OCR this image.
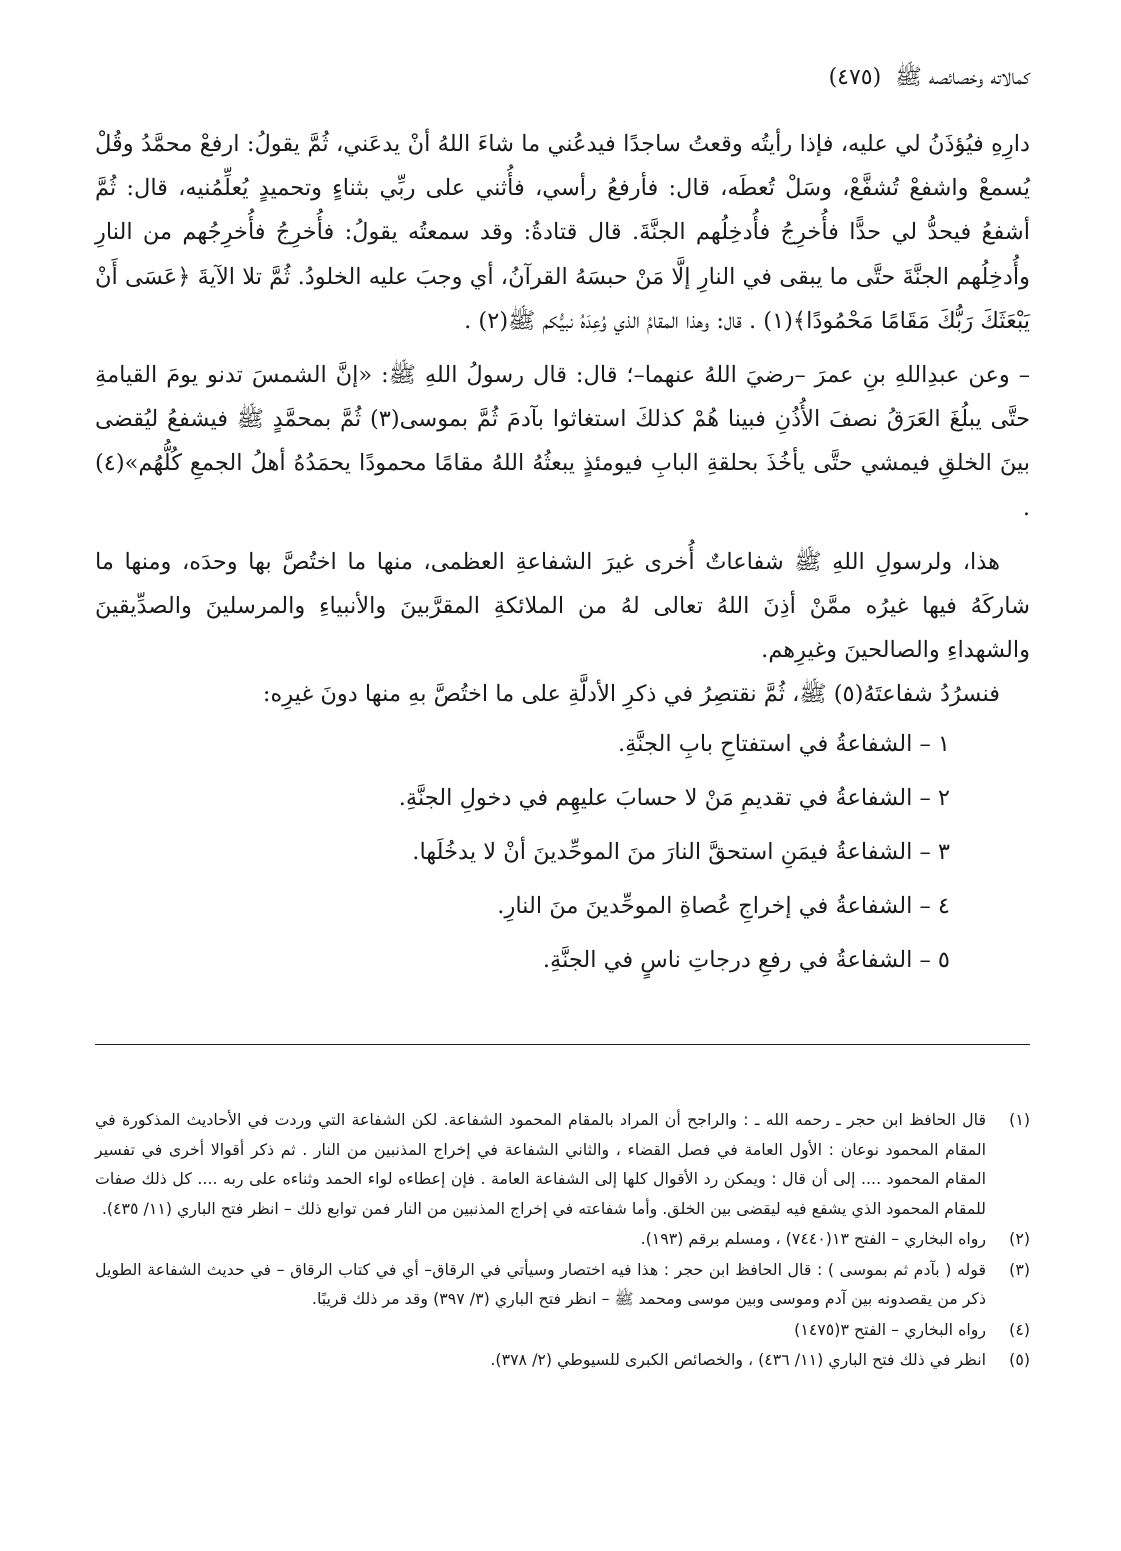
كمالاته وخصائصه ﷺ(٤٧٥)

دارِهِ فيُؤذَنُ لي عليه، فإذا رأيتُه وقعتُ ساجدًا فيدعُني ما شاءَ اللهُ أنْ يدعَني، ثُمَّ يقولُ: ارفعْ محمَّدُ وقُلْ يُسمعْ واشفعْ تُشفَّعْ، وسَلْ تُعطَه، قال: فأرفعُ رأسي، فأُثني على ربِّي بثناءٍ وتحميدٍ يُعلِّمُنيه، قال: ثُمَّ أشفعُ فيحدُّ لي حدًّا فأُخرِجُ فأُدخِلُهم الجنَّةَ. قال قتادةُ: وقد سمعتُه يقولُ: فأُخرِجُ فأُخرِجُهم من النارِ وأُدخِلُهم الجنَّةَ حتَّى ما يبقى في النارِ إلَّا مَنْ حبسَهُ القرآنُ، أي وجبَ عليه الخلودُ. ثُمَّ تلا الآيةَ ﴿عَسَى أَنْ يَبْعَثَكَ رَبُّكَ مَقَامًا مَحْمُودًا﴾(١) . قال: وهذا المقامُ الذي وُعِدَهُ نبيُّكم ﷺ(٢) .

– وعن عبدِاللهِ بنِ عمرَ –رضيَ اللهُ عنهما–؛ قال: قال رسولُ اللهِ ﷺ: «إنَّ الشمسَ تدنو يومَ القيامةِ حتَّى يبلُغَ العَرَقُ نصفَ الأُذُنِ فبينا هُمْ كذلكَ استغاثوا بآدمَ ثُمَّ بموسى(٣) ثُمَّ بمحمَّدٍ ﷺ فيشفعُ ليُقضى بينَ الخلقِ فيمشي حتَّى يأخُذَ بحلقةِ البابِ فيومئذٍ يبعثُهُ اللهُ مقامًا محمودًا يحمَدُهُ أهلُ الجمعِ كُلُّهُم»(٤) .

هذا، ولرسولِ اللهِ ﷺ شفاعاتٌ أُخرى غيرَ الشفاعةِ العظمى، منها ما اختُصَّ بها وحدَه، ومنها ما شاركَهُ فيها غيرُه ممَّنْ أذِنَ اللهُ تعالى لهُ من الملائكةِ المقرَّبينَ والأنبياءِ والمرسلينَ والصدِّيقينَ والشهداءِ والصالحينَ وغيرِهم.

فنسرُدُ شفاعتَهُ(٥) ﷺ، ثُمَّ نقتصِرُ في ذكرِ الأدلَّةِ على ما اختُصَّ بهِ منها دونَ غيرِه:

١ – الشفاعةُ في استفتاحِ بابِ الجنَّةِ.
٢ – الشفاعةُ في تقديمِ مَنْ لا حسابَ عليهِم في دخولِ الجنَّةِ.
٣ – الشفاعةُ فيمَنِ استحقَّ النارَ منَ الموحِّدينَ أنْ لا يدخُلَها.
٤ – الشفاعةُ في إخراجِ عُصاةِ الموحِّدينَ منَ النارِ.
٥ – الشفاعةُ في رفعِ درجاتِ ناسٍ في الجنَّةِ.

(١)قال الحافظ ابن حجر ـ رحمه الله ـ : والراجح أن المراد بالمقام المحمود الشفاعة. لكن الشفاعة التي وردت في الأحاديث المذكورة في المقام المحمود نوعان : الأول العامة في فصل القضاء ، والثاني الشفاعة في إخراج المذنبين من النار . ثم ذكر أقوالا أخرى في تفسير المقام المحمود .... إلى أن قال : ويمكن رد الأقوال كلها إلى الشفاعة العامة . فإن إعطاءه لواء الحمد وثناءه على ربه .... كل ذلك صفات للمقام المحمود الذي يشفع فيه ليقضى بين الخلق. وأما شفاعته في إخراج المذنبين من النار فمن توابع ذلك – انظر فتح الباري (١١/ ٤٣٥).

(٢)رواه البخاري – الفتح ١٣(٧٤٤٠) ، ومسلم برقم (١٩٣).

(٣)قوله ( بآدم ثم بموسى ) : قال الحافظ ابن حجر : هذا فيه اختصار وسيأتي في الرقاق– أي في كتاب الرقاق – في حديث الشفاعة الطويل ذكر من يقصدونه بين آدم وموسى وبين موسى ومحمد ﷺ – انظر فتح الباري (٣/ ٣٩٧) وقد مر ذلك قريبًا.

(٤)رواه البخاري – الفتح ٣(١٤٧٥)

(٥)انظر في ذلك فتح الباري (١١/ ٤٣٦) ، والخصائص الكبرى للسيوطي (٢/ ٣٧٨).
